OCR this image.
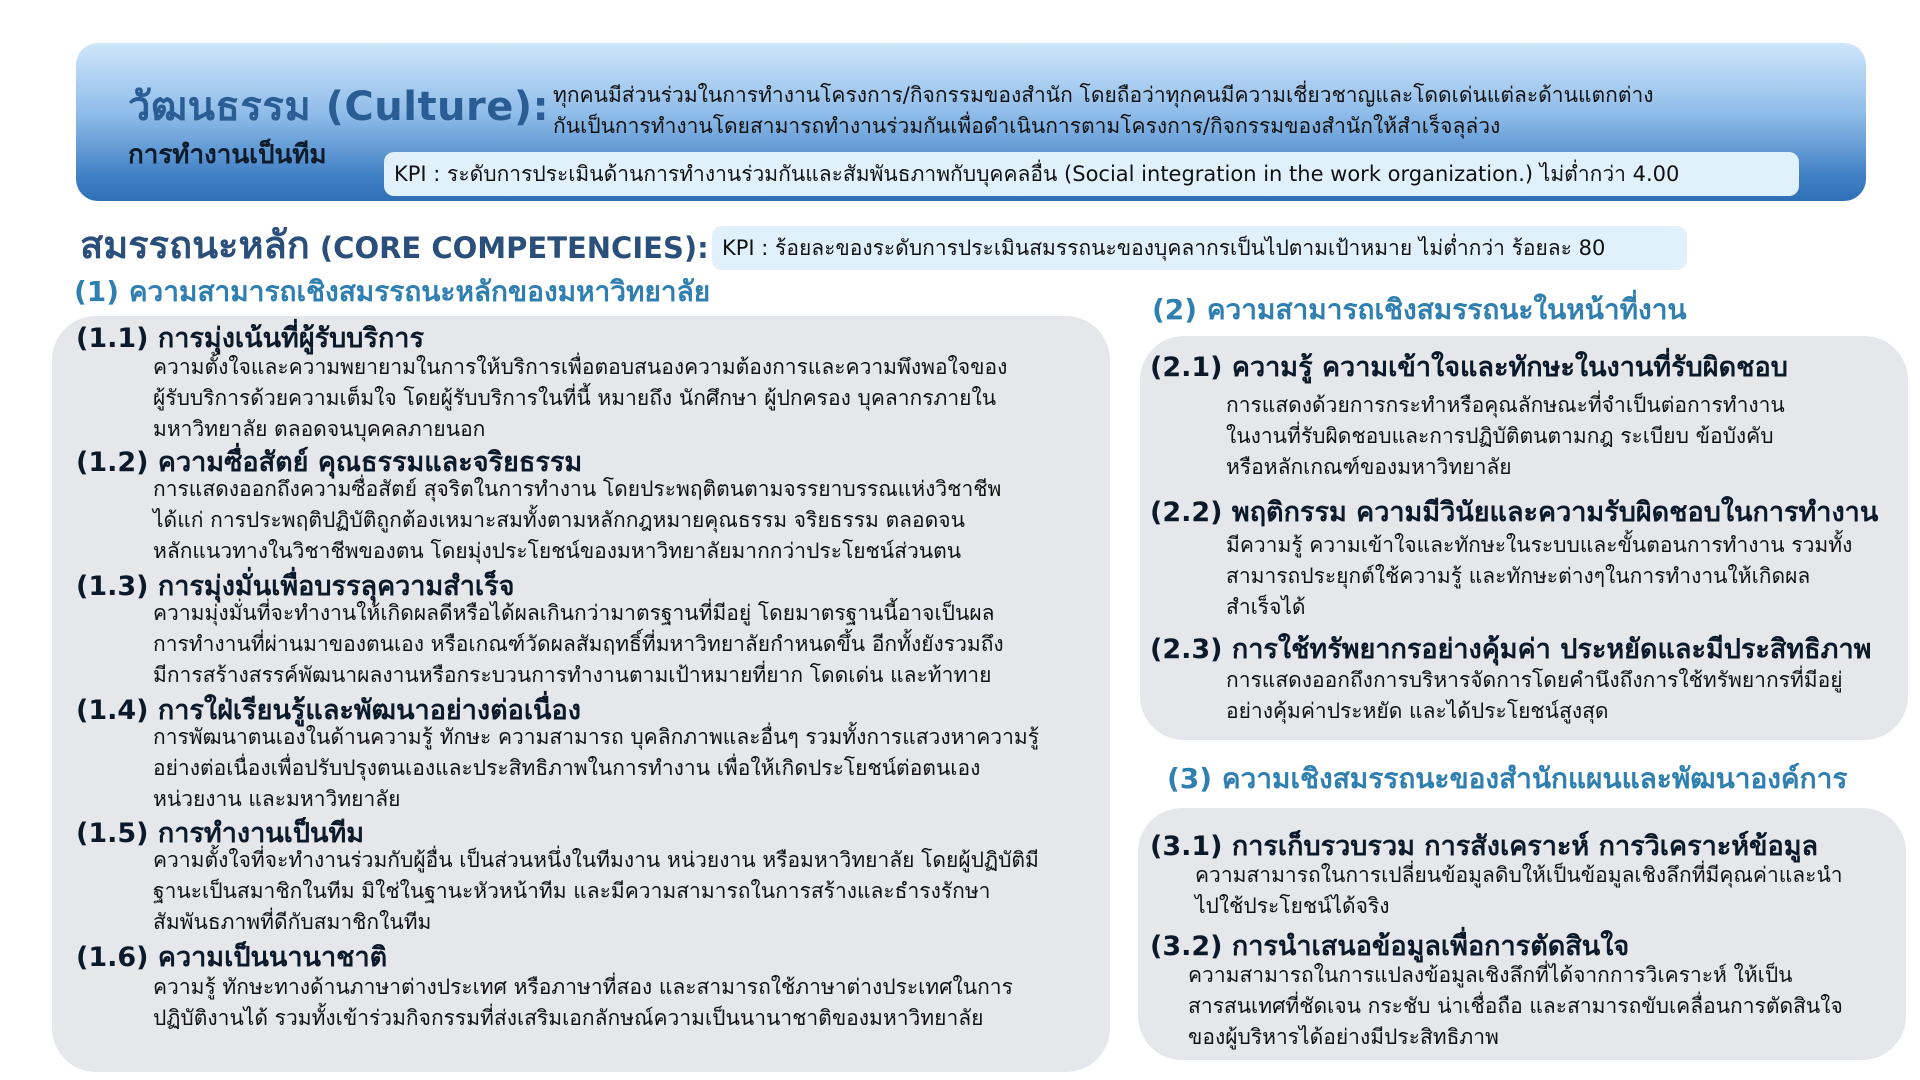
วัฒนธรรม (Culture):
การทำงานเป็นทีม
ทุกคนมีส่วนร่วมในการทำงานโครงการ/กิจกรรมของสำนัก โดยถือว่าทุกคนมีความเชี่ยวชาญและโดดเด่นแต่ละด้านแตกต่าง
กันเป็นการทำงานโดยสามารถทำงานร่วมกันเพื่อดำเนินการตามโครงการ/กิจกรรมของสำนักให้สำเร็จลุล่วง
KPI : ระดับการประเมินด้านการทำงานร่วมกันและสัมพันธภาพกับบุคคลอื่น (Social integration in the work organization.) ไม่ต่ำกว่า 4.00
สมรรถนะหลัก (CORE COMPETENCIES): KPI : ร้อยละของระดับการประเมินสมรรถนะของบุคลากรเป็นไปตามเป้าหมาย ไม่ต่ำกว่า ร้อยละ 80
(1) ความสามารถเชิงสมรรถนะหลักของมหาวิทยาลัย
(1.1) การมุ่งเน้นที่ผู้รับบริการ
ความตั้งใจและความพยายามในการให้บริการเพื่อตอบสนองความต้องการและความพึงพอใจของ
ผู้รับบริการด้วยความเต็มใจ โดยผู้รับบริการในที่นี้ หมายถึง นักศึกษา ผู้ปกครอง บุคลากรภายใน
มหาวิทยาลัย ตลอดจนบุคคลภายนอก
(1.2) ความซื่อสัตย์ คุณธรรมและจริยธรรม
การแสดงออกถึงความซื่อสัตย์ สุจริตในการทำงาน โดยประพฤติตนตามจรรยาบรรณแห่งวิชาชีพ
ได้แก่ การประพฤติปฏิบัติถูกต้องเหมาะสมทั้งตามหลักกฎหมายคุณธรรม จริยธรรม ตลอดจน
หลักแนวทางในวิชาชีพของตน โดยมุ่งประโยชน์ของมหาวิทยาลัยมากกว่าประโยชน์ส่วนตน
(1.3) การมุ่งมั่นเพื่อบรรลุความสำเร็จ
ความมุ่งมั่นที่จะทำงานให้เกิดผลดีหรือได้ผลเกินกว่ามาตรฐานที่มีอยู่ โดยมาตรฐานนี้อาจเป็นผล
การทำงานที่ผ่านมาของตนเอง หรือเกณฑ์วัดผลสัมฤทธิ์ที่มหาวิทยาลัยกำหนดขึ้น อีกทั้งยังรวมถึง
มีการสร้างสรรค์พัฒนาผลงานหรือกระบวนการทำงานตามเป้าหมายที่ยาก โดดเด่น และท้าทาย
(1.4) การใฝ่เรียนรู้และพัฒนาอย่างต่อเนื่อง
การพัฒนาตนเองในด้านความรู้ ทักษะ ความสามารถ บุคลิกภาพและอื่นๆ รวมทั้งการแสวงหาความรู้
อย่างต่อเนื่องเพื่อปรับปรุงตนเองและประสิทธิภาพในการทำงาน เพื่อให้เกิดประโยชน์ต่อตนเอง
หน่วยงาน และมหาวิทยาลัย
(1.5) การทำงานเป็นทีม
ความตั้งใจที่จะทำงานร่วมกับผู้อื่น เป็นส่วนหนึ่งในทีมงาน หน่วยงาน หรือมหาวิทยาลัย โดยผู้ปฏิบัติมี
ฐานะเป็นสมาชิกในทีม มิใช่ในฐานะหัวหน้าทีม และมีความสามารถในการสร้างและธำรงรักษา
สัมพันธภาพที่ดีกับสมาชิกในทีม
(1.6) ความเป็นนานาชาติ
ความรู้ ทักษะทางด้านภาษาต่างประเทศ หรือภาษาที่สอง และสามารถใช้ภาษาต่างประเทศในการ
ปฏิบัติงานได้ รวมทั้งเข้าร่วมกิจกรรมที่ส่งเสริมเอกลักษณ์ความเป็นนานาชาติของมหาวิทยาลัย
(2) ความสามารถเชิงสมรรถนะในหน้าที่งาน
(2.1) ความรู้ ความเข้าใจและทักษะในงานที่รับผิดชอบ
การแสดงด้วยการกระทำหรือคุณลักษณะที่จำเป็นต่อการทำงาน
ในงานที่รับผิดชอบและการปฏิบัติตนตามกฎ ระเบียบ ข้อบังคับ
หรือหลักเกณฑ์ของมหาวิทยาลัย
(2.2) พฤติกรรม ความมีวินัยและความรับผิดชอบในการทำงาน
มีความรู้ ความเข้าใจและทักษะในระบบและขั้นตอนการทำงาน รวมทั้ง
สามารถประยุกต์ใช้ความรู้ และทักษะต่างๆในการทำงานให้เกิดผล
สำเร็จได้
(2.3) การใช้ทรัพยากรอย่างคุ้มค่า ประหยัดและมีประสิทธิภาพ
การแสดงออกถึงการบริหารจัดการโดยคำนึงถึงการใช้ทรัพยากรที่มีอยู่
อย่างคุ้มค่าประหยัด และได้ประโยชน์สูงสุด
(3) ความเชิงสมรรถนะของสำนักแผนและพัฒนาองค์การ
(3.1) การเก็บรวบรวม การสังเคราะห์ การวิเคราะห์ข้อมูล
ความสามารถในการเปลี่ยนข้อมูลดิบให้เป็นข้อมูลเชิงลึกที่มีคุณค่าและนำ
ไปใช้ประโยชน์ได้จริง
(3.2) การนำเสนอข้อมูลเพื่อการตัดสินใจ
ความสามารถในการแปลงข้อมูลเชิงลึกที่ได้จากการวิเคราะห์ ให้เป็น
สารสนเทศที่ชัดเจน กระชับ น่าเชื่อถือ และสามารถขับเคลื่อนการตัดสินใจ
ของผู้บริหารได้อย่างมีประสิทธิภาพ
